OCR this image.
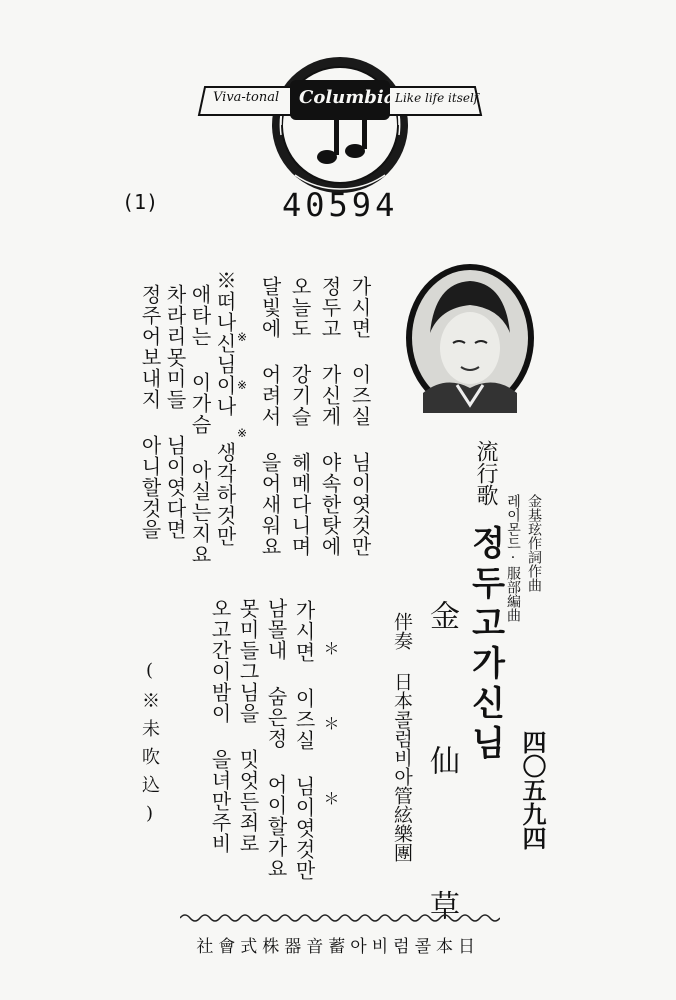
Viva-tonal Columbia Like life itself
(1)	40594
가시면 이즈실 님이엿것만
정두고 가신게 야속한탓에
오늘도 강기슬 헤메다니며
달빛에 어려서 을어새워요
※ ※ ※
※떠나신님이나 생각하것만
애타는 이가슴 아실는지요
차라리못미들 님이엿다면
정주어보내지 아니할것을	流行歌
정두고가신님 金基玹作詞作曲
레이몬드·服部編曲
金 仙 草
伴奏 日本콜럼비아管絃樂團	四〇五九四
＊ ＊ ＊
가시면 이즈실 님이엿것만
남몰내 숨은정 어이할가요
못미들그님을 밋엇든죄로
오고간이밤이 을녀만주비
(※未吹込)
日本콜럼비아蓄音器株式會社
